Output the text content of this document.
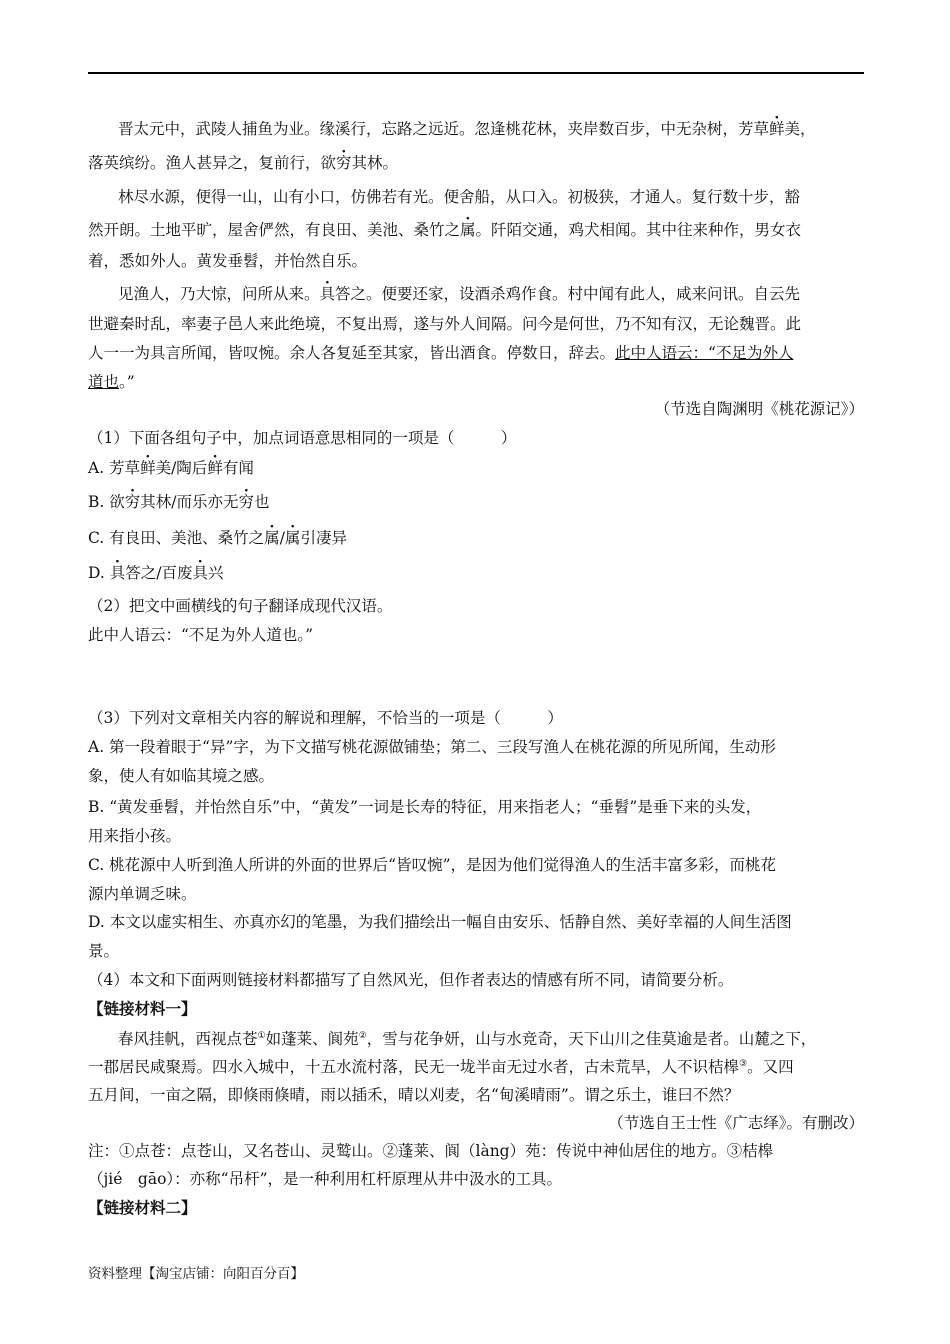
晋太元中，武陵人捕鱼为业。缘溪行，忘路之远近。忽逢桃花林，夹岸数百步，中无杂树，芳草鲜美，
落英缤纷。渔人甚异之，复前行，欲穷其林。
林尽水源，便得一山，山有小口，仿佛若有光。便舍船，从口入。初极狭，才通人。复行数十步，豁
然开朗。土地平旷，屋舍俨然，有良田、美池、桑竹之属。阡陌交通，鸡犬相闻。其中往来种作，男女衣
着，悉如外人。黄发垂髫，并怡然自乐。
见渔人，乃大惊，问所从来。具答之。便要还家，设酒杀鸡作食。村中闻有此人，咸来问讯。自云先
世避秦时乱，率妻子邑人来此绝境，不复出焉，遂与外人间隔。问今是何世，乃不知有汉，无论魏晋。此
人一一为具言所闻，皆叹惋。余人各复延至其家，皆出酒食。停数日，辞去。此中人语云：“不足为外人
道也。”
（节选自陶渊明《桃花源记》）
（1）下面各组句子中，加点词语意思相同的一项是（　　　）
A. 芳草鲜美/陶后鲜有闻
B. 欲穷其林/而乐亦无穷也
C. 有良田、美池、桑竹之属/属引凄异
D. 具答之/百废具兴
（2）把文中画横线的句子翻译成现代汉语。
此中人语云：“不足为外人道也。”
（3）下列对文章相关内容的解说和理解，不恰当的一项是（　　　）
A. 第一段着眼于“异”字，为下文描写桃花源做铺垫；第二、三段写渔人在桃花源的所见所闻，生动形
象，使人有如临其境之感。
B. “黄发垂髫，并怡然自乐”中，“黄发”一词是长寿的特征，用来指老人；“垂髫”是垂下来的头发，
用来指小孩。
C. 桃花源中人听到渔人所讲的外面的世界后“皆叹惋”，是因为他们觉得渔人的生活丰富多彩，而桃花
源内单调乏味。
D. 本文以虚实相生、亦真亦幻的笔墨，为我们描绘出一幅自由安乐、恬静自然、美好幸福的人间生活图
景。
（4）本文和下面两则链接材料都描写了自然风光，但作者表达的情感有所不同，请简要分析。
【链接材料一】
春风挂帆，西视点苍①如蓬莱、阆苑②，雪与花争妍，山与水竞奇，天下山川之佳莫逾是者。山麓之下，
一郡居民咸聚焉。四水入城中，十五水流村落，民无一垅半亩无过水者，古未荒旱，人不识桔槔③。又四
五月间，一亩之隔，即倏雨倏晴，雨以插禾，晴以刈麦，名“甸溪晴雨”。谓之乐土，谁曰不然？
（节选自王士性《广志绎》。有删改）
注：①点苍：点苍山，又名苍山、灵鹫山。②蓬莱、阆（làng）苑：传说中神仙居住的地方。③桔槔
（jié　gāo）：亦称“吊杆”，是一种利用杠杆原理从井中汲水的工具。
【链接材料二】
资料整理【淘宝店铺：向阳百分百】
